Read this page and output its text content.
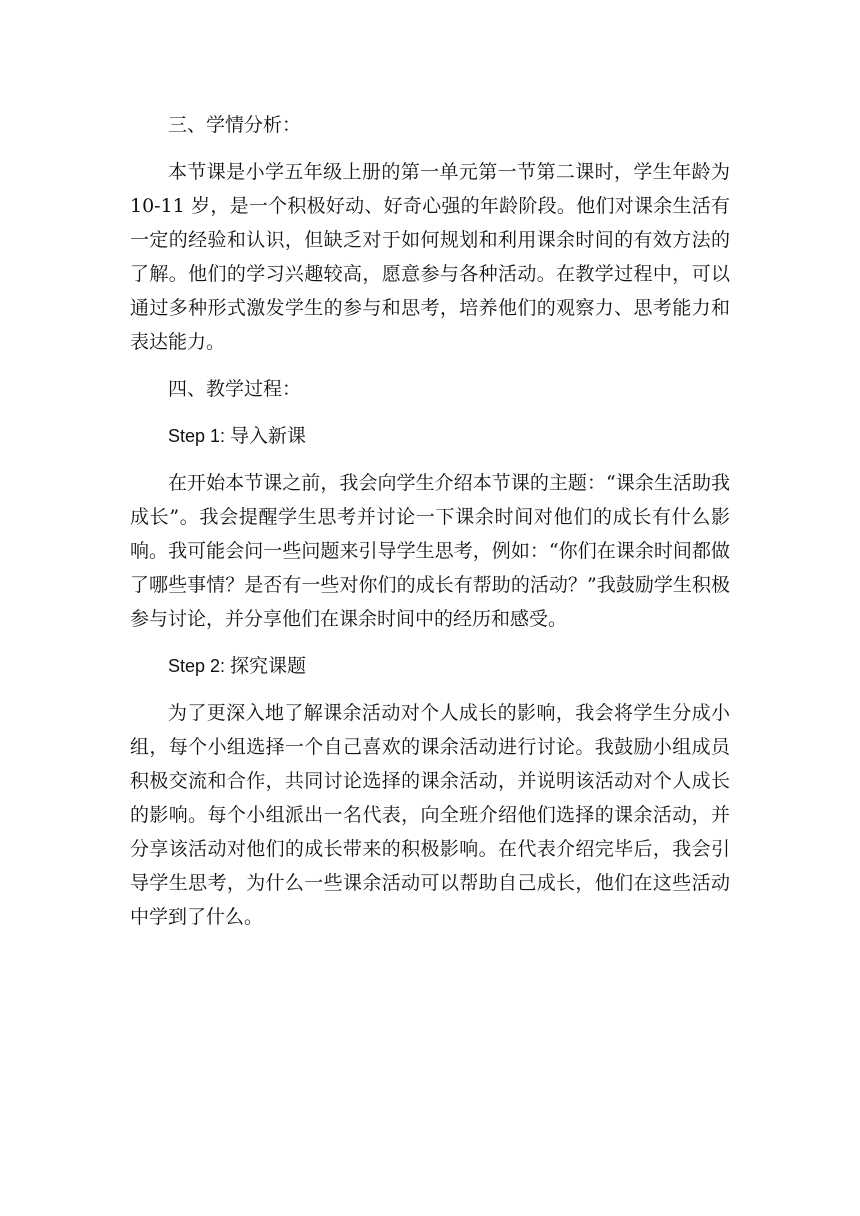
三、学情分析：

本节课是小学五年级上册的第一单元第一节第二课时，学生年龄为 10-11 岁，是一个积极好动、好奇心强的年龄阶段。他们对课余生活有一定的经验和认识，但缺乏对于如何规划和利用课余时间的有效方法的了解。他们的学习兴趣较高，愿意参与各种活动。在教学过程中，可以通过多种形式激发学生的参与和思考，培养他们的观察力、思考能力和表达能力。

四、教学过程：

Step 1: 导入新课

在开始本节课之前，我会向学生介绍本节课的主题：“课余生活助我成长”。我会提醒学生思考并讨论一下课余时间对他们的成长有什么影响。我可能会问一些问题来引导学生思考，例如：“你们在课余时间都做了哪些事情？是否有一些对你们的成长有帮助的活动？”我鼓励学生积极参与讨论，并分享他们在课余时间中的经历和感受。

Step 2: 探究课题

为了更深入地了解课余活动对个人成长的影响，我会将学生分成小组，每个小组选择一个自己喜欢的课余活动进行讨论。我鼓励小组成员积极交流和合作，共同讨论选择的课余活动，并说明该活动对个人成长的影响。每个小组派出一名代表，向全班介绍他们选择的课余活动，并分享该活动对他们的成长带来的积极影响。在代表介绍完毕后，我会引导学生思考，为什么一些课余活动可以帮助自己成长，他们在这些活动中学到了什么。
